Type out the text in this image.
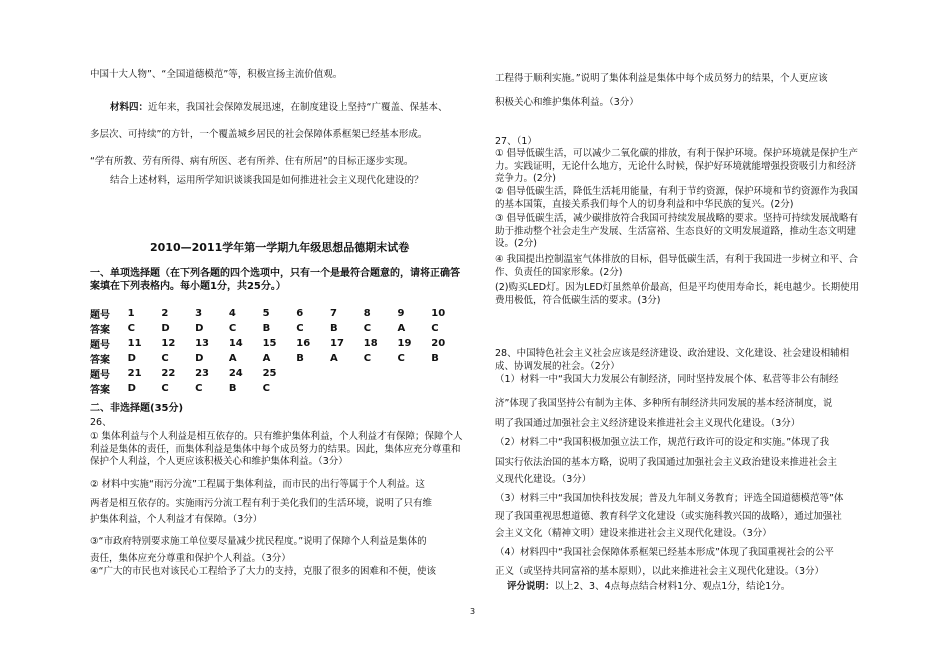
中国十大人物”、“全国道德模范”等，积极宣扬主流价值观。
材料四：近年来，我国社会保障发展迅速，在制度建设上坚持“广覆盖、保基本、
多层次、可持续”的方针，一个覆盖城乡居民的社会保障体系框架已经基本形成。
“学有所教、劳有所得、病有所医、老有所养、住有所居”的目标正逐步实现。
结合上述材料，运用所学知识谈谈我国是如何推进社会主义现代化建设的？
2010—2011学年第一学期九年级思想品德期末试卷
一、单项选择题（在下列各题的四个选项中，只有一个是最符合题意的，请将正确答案填在下列表格内。每小题1分，共25分。）
题号	1	2	3	4	5	6	7	8	9	10
答案	C	D	D	C	B	C	B	C	A	C
题号	11	12	13	14	15	16	17	18	19	20
答案	D	C	D	A	A	B	A	C	C	B
题号	21	22	23	24	25					
答案	D	C	C	B	C					
二、非选择题(35分)
26、
① 集体利益与个人利益是相互依存的。只有维护集体利益，个人利益才有保障；保障个人利益是集体的责任，而集体利益是集体中每个成员努力的结果。因此，集体应充分尊重和保护个人利益，个人更应该积极关心和维护集体利益。（3分）
② 材料中实施“雨污分流”工程属于集体利益，而市民的出行等属于个人利益。这
两者是相互依存的。实施雨污分流工程有利于美化我们的生活环境，说明了只有维
护集体利益，个人利益才有保障。（3分）
③“市政府特别要求施工单位要尽量减少扰民程度。”说明了保障个人利益是集体的
责任，集体应充分尊重和保护个人利益。（3分）
④“广大的市民也对该民心工程给予了大力的支持，克服了很多的困难和不便，使该
工程得于顺利实施。”说明了集体利益是集体中每个成员努力的结果，个人更应该
积极关心和维护集体利益。（3分）
27、（1）
① 倡导低碳生活，可以减少二氧化碳的排放，有利于保护环境。保护环境就是保护生产力。实践证明，无论什么地方，无论什么时候，保护好环境就能增强投资吸引力和经济竞争力。(2分)
② 倡导低碳生活，降低生活耗用能量，有利于节约资源，保护环境和节约资源作为我国的基本国策，直接关系我们每个人的切身利益和中华民族的复兴。(2分)
③ 倡导低碳生活，减少碳排放符合我国可持续发展战略的要求。坚持可持续发展战略有助于推动整个社会走生产发展、生活富裕、生态良好的文明发展道路，推动生态文明建设。(2分)
④ 我国提出控制温室气体排放的目标，倡导低碳生活，有利于我国进一步树立和平、合作、负责任的国家形象。(2分)
(2)购买LED灯。因为LED灯虽然单价最高，但是平均使用寿命长，耗电越少。长期使用费用极低，符合低碳生活的要求。(3分)
28、中国特色社会主义社会应该是经济建设、政治建设、文化建设、社会建设相辅相成、协调发展的社会。（2分）
（1）材料一中“我国大力发展公有制经济，同时坚持发展个体、私营等非公有制经
济”体现了我国坚持公有制为主体、多种所有制经济共同发展的基本经济制度，说
明了我国通过加强社会主义经济建设来推进社会主义现代化建设。（3分）
（2）材料二中“我国积极加强立法工作，规范行政许可的设定和实施。”体现了我
国实行依法治国的基本方略，说明了我国通过加强社会主义政治建设来推进社会主
义现代化建设。（3分）
（3）材料三中“我国加快科技发展；普及九年制义务教育；评选全国道德模范等”体
现了我国重视思想道德、教育科学文化建设（或实施科教兴国的战略），通过加强社
会主义文化（精神文明）建设来推进社会主义现代化建设。（3分）
（4）材料四中“我国社会保障体系框架已经基本形成”体现了我国重视社会的公平
正义（或坚持共同富裕的基本原则），以此来推进社会主义现代化建设。（3分）
评分说明：以上2、3、4点每点结合材料1分、观点1分，结论1分。
3
